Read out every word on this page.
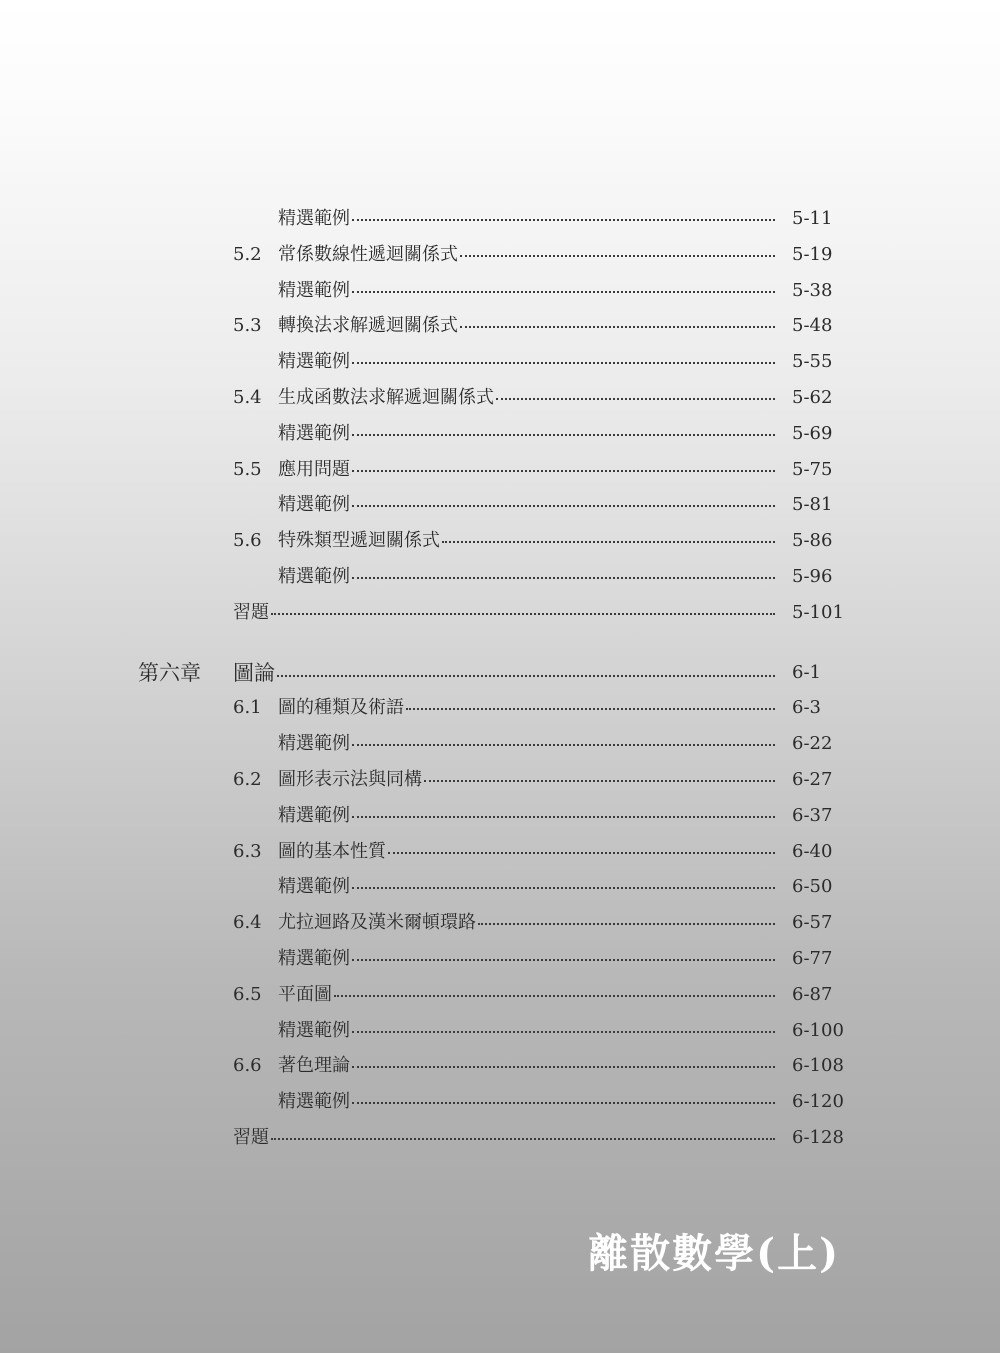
精選範例	5-11
5.2 常係數線性遞迴關係式	5-19
精選範例	5-38
5.3 轉換法求解遞迴關係式	5-48
精選範例	5-55
5.4 生成函數法求解遞迴關係式	5-62
精選範例	5-69
5.5 應用問題	5-75
精選範例	5-81
5.6 特殊類型遞迴關係式	5-86
精選範例	5-96
習題	5-101
第六章 圖論	6-1
6.1 圖的種類及術語	6-3
精選範例	6-22
6.2 圖形表示法與同構	6-27
精選範例	6-37
6.3 圖的基本性質	6-40
精選範例	6-50
6.4 尤拉迴路及漢米爾頓環路	6-57
精選範例	6-77
6.5 平面圖	6-87
精選範例	6-100
6.6 著色理論	6-108
精選範例	6-120
習題	6-128
離散數學(上)
